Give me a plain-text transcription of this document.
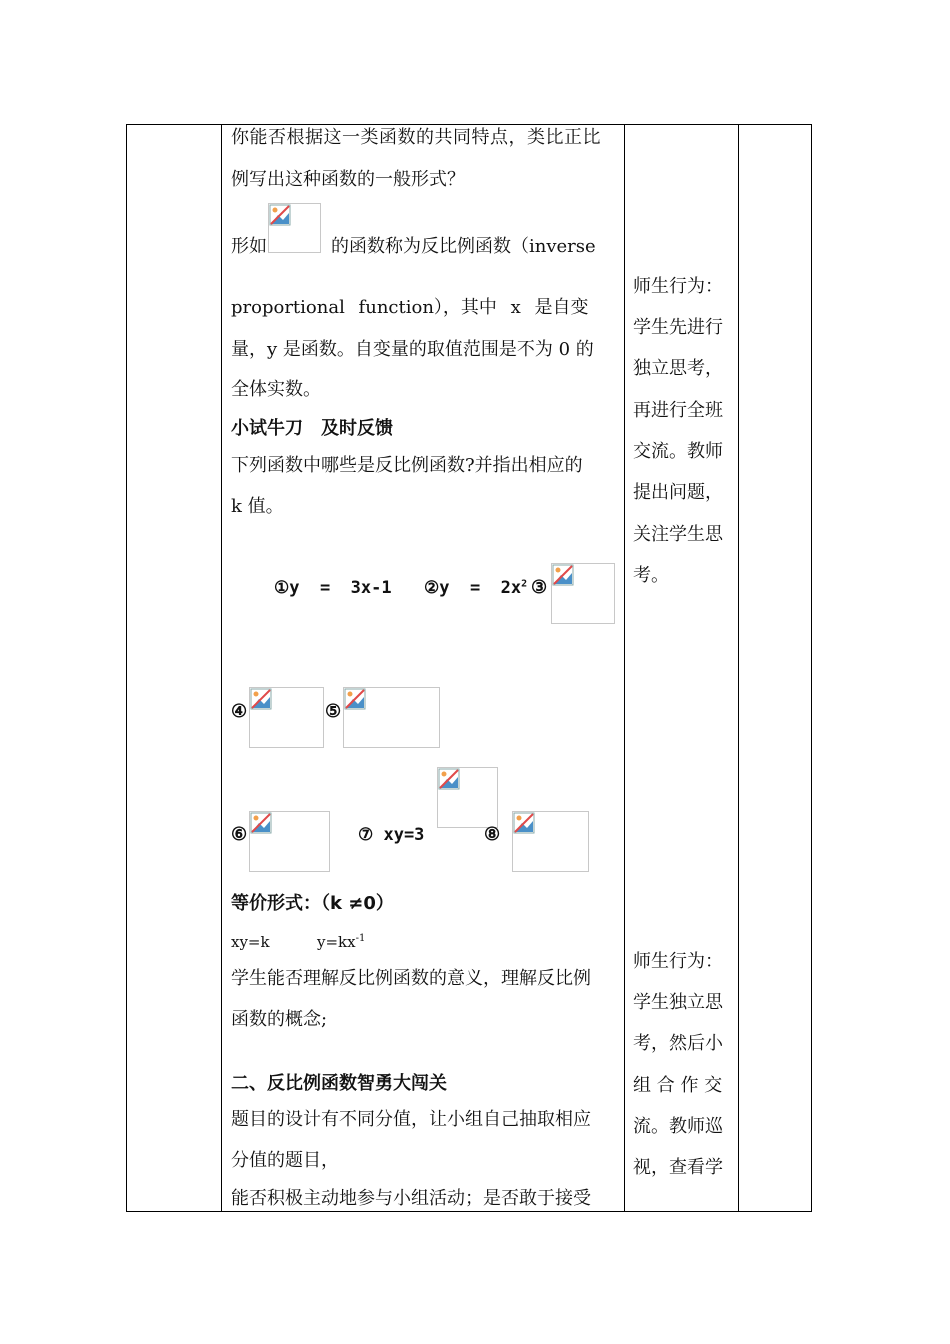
你能否根据这一类函数的共同特点，类比正比
例写出这种函数的一般形式？
形如	的函数称为反比例函数（inverse
proportional function），其中 x 是自变
量，y 是函数。自变量的取值范围是不为 0 的
全体实数。
小试牛刀　及时反馈
下列函数中哪些是反比例函数?并指出相应的
k 值。
①y  =  3x-1 ②y  =  $2x^2$ ③
④	⑤
⑥	⑦ xy=3	⑧
等价形式：（k ≠0）
xy=k	$y=kx^{-1}$
学生能否理解反比例函数的意义，理解反比例
函数的概念;
二、反比例函数智勇大闯关
题目的设计有不同分值，让小组自己抽取相应
分值的题目，
能否积极主动地参与小组活动；是否敢于接受
师生行为：
学生先进行
独立思考，
再进行全班
交流。教师
提出问题，
关注学生思
考。
师生行为：
学生独立思
考，然后小
组 合 作 交
流。教师巡
视，查看学
